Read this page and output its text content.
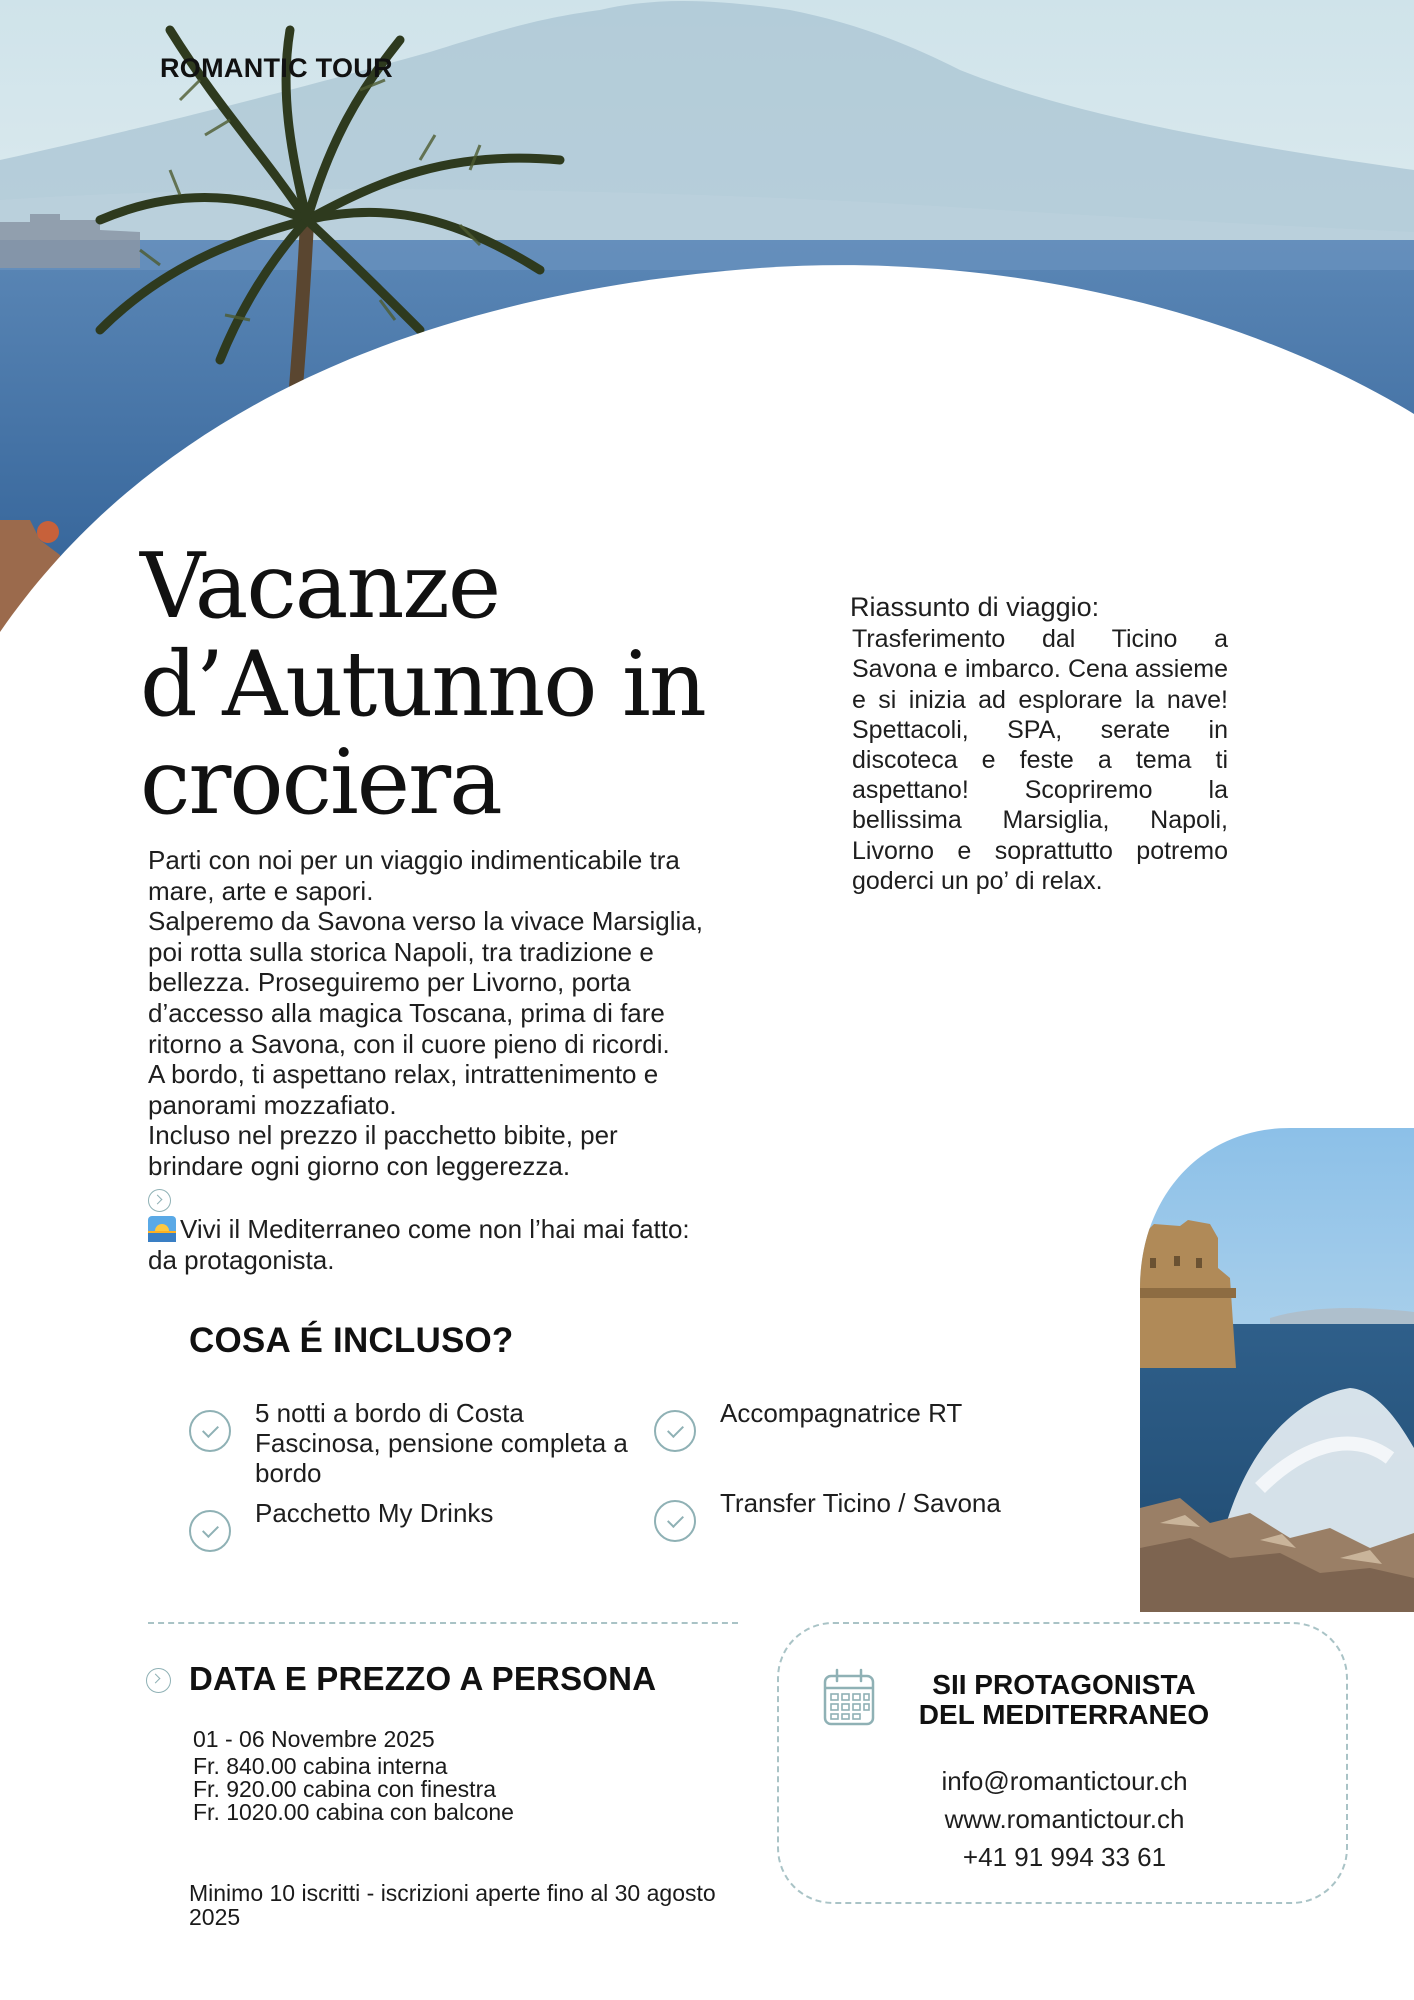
ROMANTIC TOUR
Vacanze
d’Autunno in
crociera

Parti con noi per un viaggio indimenticabile tra mare, arte e sapori.

Salperemo da Savona verso la vivace Marsiglia, poi rotta sulla storica Napoli, tra tradizione e bellezza. Proseguiremo per Livorno, porta d’accesso alla magica Toscana, prima di fare ritorno a Savona, con il cuore pieno di ricordi.

A bordo, ti aspettano relax, intrattenimento e panorami mozzafiato.

Incluso nel prezzo il pacchetto bibite, per brindare ogni giorno con leggerezza.

Vivi il Mediterraneo come non l’hai mai fatto: da protagonista.

Riassunto di viaggio:

Trasferimento dal Ticino a Savona e imbarco. Cena assieme e si inizia ad esplorare la nave! Spettacoli, SPA, serate in discoteca e feste a tema ti aspettano! Scopriremo la bellissima Marsiglia, Napoli, Livorno e soprattutto potremo goderci un po’ di relax.

COSA É INCLUSO?
5 notti a bordo di Costa Fascinosa, pensione completa a bordo
Accompagnatrice RT
Pacchetto My Drinks	Transfer Ticino / Savona
DATA E PREZZO A PERSONA
01 - 06 Novembre 2025

Fr. 840.00 cabina interna

Fr. 920.00 cabina con finestra

Fr. 1020.00 cabina con balcone

Minimo 10 iscritti - iscrizioni aperte fino al 30 agosto 2025
SII PROTAGONISTA
DEL MEDITERRANEO
info@romantictour.ch
www.romantictour.ch
+41 91 994 33 61
